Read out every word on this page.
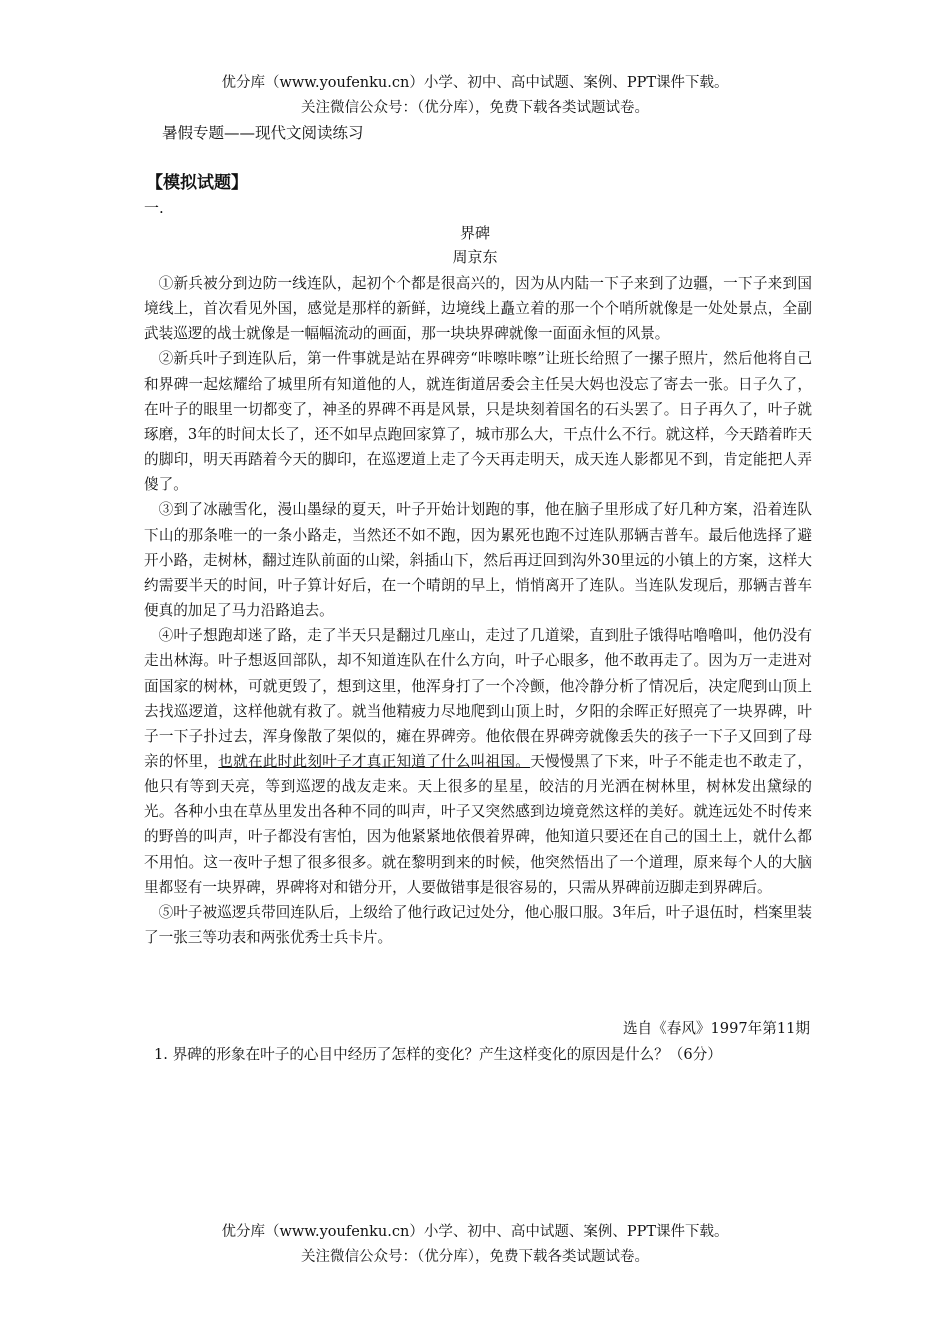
优分库（www.youfenku.cn）小学、初中、高中试题、案例、PPT课件下载。
关注微信公众号：（优分库），免费下载各类试题试卷。
暑假专题——现代文阅读练习
【模拟试题】
一.
界碑
周京东

①新兵被分到边防一线连队，起初个个都是很高兴的，因为从内陆一下子来到了边疆，一下子来到国境线上，首次看见外国，感觉是那样的新鲜，边境线上矗立着的那一个个哨所就像是一处处景点，全副武装巡逻的战士就像是一幅幅流动的画面，那一块块界碑就像一面面永恒的风景。

②新兵叶子到连队后，第一件事就是站在界碑旁“咔嚓咔嚓”让班长给照了一摞子照片，然后他将自己和界碑一起炫耀给了城里所有知道他的人，就连街道居委会主任吴大妈也没忘了寄去一张。日子久了，在叶子的眼里一切都变了，神圣的界碑不再是风景，只是块刻着国名的石头罢了。日子再久了，叶子就琢磨，3年的时间太长了，还不如早点跑回家算了，城市那么大，干点什么不行。就这样，今天踏着昨天的脚印，明天再踏着今天的脚印，在巡逻道上走了今天再走明天，成天连人影都见不到，肯定能把人弄傻了。

③到了冰融雪化，漫山墨绿的夏天，叶子开始计划跑的事，他在脑子里形成了好几种方案，沿着连队下山的那条唯一的一条小路走，当然还不如不跑，因为累死也跑不过连队那辆吉普车。最后他选择了避开小路，走树林，翻过连队前面的山梁，斜插山下，然后再迂回到沟外30里远的小镇上的方案，这样大约需要半天的时间，叶子算计好后，在一个晴朗的早上，悄悄离开了连队。当连队发现后，那辆吉普车便真的加足了马力沿路追去。

④叶子想跑却迷了路，走了半天只是翻过几座山，走过了几道梁，直到肚子饿得咕噜噜叫，他仍没有走出林海。叶子想返回部队，却不知道连队在什么方向，叶子心眼多，他不敢再走了。因为万一走进对面国家的树林，可就更毁了，想到这里，他浑身打了一个冷颤，他冷静分析了情况后，决定爬到山顶上去找巡逻道，这样他就有救了。就当他精疲力尽地爬到山顶上时，夕阳的余晖正好照亮了一块界碑，叶子一下子扑过去，浑身像散了架似的，瘫在界碑旁。他依偎在界碑旁就像丢失的孩子一下子又回到了母亲的怀里，也就在此时此刻叶子才真正知道了什么叫祖国。天慢慢黑了下来，叶子不能走也不敢走了，他只有等到天亮，等到巡逻的战友走来。天上很多的星星，皎洁的月光洒在树林里，树林发出黛绿的光。各种小虫在草丛里发出各种不同的叫声，叶子又突然感到边境竟然这样的美好。就连远处不时传来的野兽的叫声，叶子都没有害怕，因为他紧紧地依偎着界碑，他知道只要还在自己的国土上，就什么都不用怕。这一夜叶子想了很多很多。就在黎明到来的时候，他突然悟出了一个道理，原来每个人的大脑里都竖有一块界碑，界碑将对和错分开，人要做错事是很容易的，只需从界碑前迈脚走到界碑后。

⑤叶子被巡逻兵带回连队后，上级给了他行政记过处分，他心服口服。3年后，叶子退伍时，档案里装了一张三等功表和两张优秀士兵卡片。

选自《春风》1997年第11期
1. 界碑的形象在叶子的心目中经历了怎样的变化？产生这样变化的原因是什么？（6分）
优分库（www.youfenku.cn）小学、初中、高中试题、案例、PPT课件下载。
关注微信公众号：（优分库），免费下载各类试题试卷。
